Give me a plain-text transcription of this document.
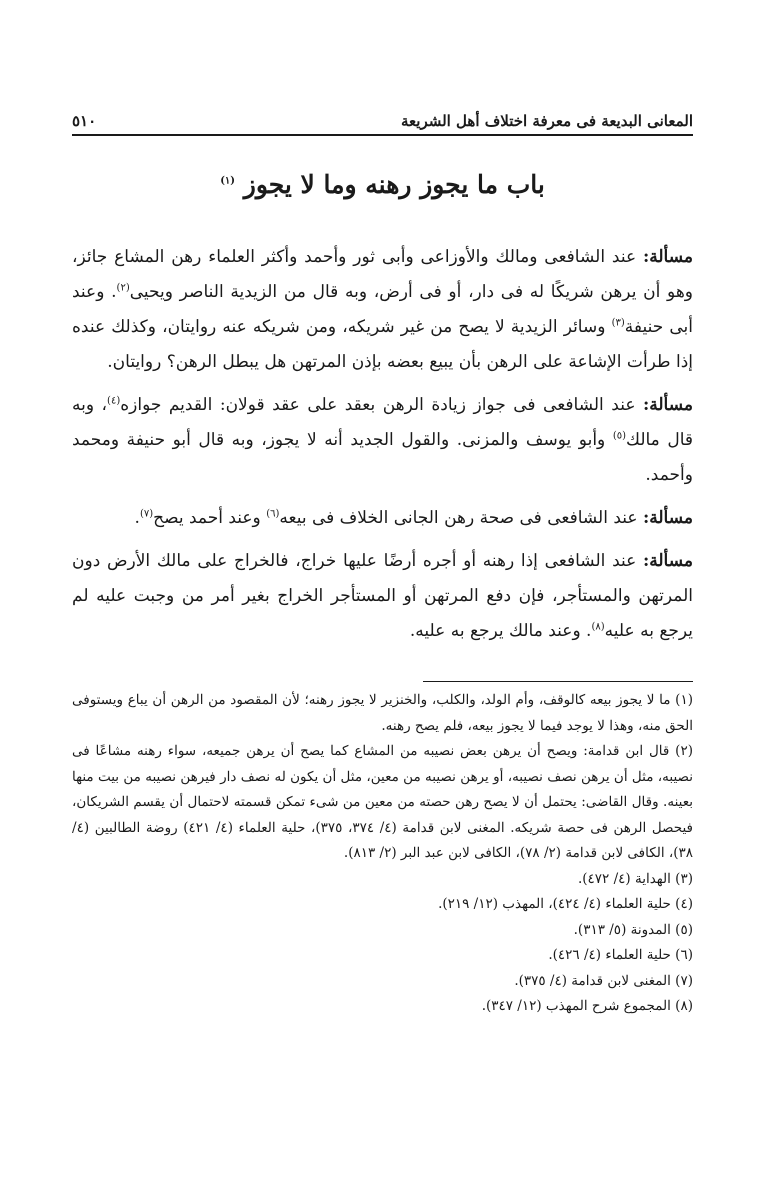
المعانى البديعة فى معرفة اختلاف أهل الشريعة
٥١٠
باب ما يجوز رهنه وما لا يجوز $^{(١)}$

مسألة: عند الشافعى ومالك والأوزاعى وأبى ثور وأحمد وأكثر العلماء رهن المشاع جائز، وهو أن يرهن شريكًا له فى دار، أو فى أرض، وبه قال من الزيدية الناصر ويحيى$^{(٢)}$. وعند أبى حنيفة$^{(٣)}$ وسائر الزيدية لا يصح من غير شريكه، ومن شريكه عنه روايتان، وكذلك عنده إذا طرأت الإشاعة على الرهن بأن يبيع بعضه بإذن المرتهن هل يبطل الرهن؟ روايتان.

مسألة: عند الشافعى فى جواز زيادة الرهن بعقد على عقد قولان: القديم جوازه$^{(٤)}$، وبه قال مالك$^{(٥)}$ وأبو يوسف والمزنى. والقول الجديد أنه لا يجوز، وبه قال أبو حنيفة ومحمد وأحمد.

مسألة: عند الشافعى فى صحة رهن الجانى الخلاف فى بيعه$^{(٦)}$ وعند أحمد يصح$^{(٧)}$.

مسألة: عند الشافعى إذا رهنه أو أجره أرضًا عليها خراج، فالخراج على مالك الأرض دون المرتهن والمستأجر، فإن دفع المرتهن أو المستأجر الخراج بغير أمر من وجبت عليه لم يرجع به عليه$^{(٨)}$. وعند مالك يرجع به عليه.

(١) ما لا يجوز بيعه كالوقف، وأم الولد، والكلب، والخنزير لا يجوز رهنه؛ لأن المقصود من الرهن أن يباع ويستوفى الحق منه، وهذا لا يوجد فيما لا يجوز بيعه، فلم يصح رهنه.

(٢) قال ابن قدامة: ويصح أن يرهن بعض نصيبه من المشاع كما يصح أن يرهن جميعه، سواء رهنه مشاعًا فى نصيبه، مثل أن يرهن نصف نصيبه، أو يرهن نصيبه من معين، مثل أن يكون له نصف دار فيرهن نصيبه من بيت منها بعينه. وقال القاضى: يحتمل أن لا يصح رهن حصته من معين من شىء تمكن قسمته لاحتمال أن يقسم الشريكان، فيحصل الرهن فى حصة شريكه. المغنى لابن قدامة (٤/ ٣٧٤، ٣٧٥)، حلية العلماء (٤/ ٤٢١) روضة الطالبين (٤/ ٣٨)، الكافى لابن قدامة (٢/ ٧٨)، الكافى لابن عبد البر (٢/ ٨١٣).

(٣) الهداية (٤/ ٤٧٢).

(٤) حلية العلماء (٤/ ٤٢٤)، المهذب (١٢/ ٢١٩).

(٥) المدونة (٥/ ٣١٣).

(٦) حلية العلماء (٤/ ٤٢٦).

(٧) المغنى لابن قدامة (٤/ ٣٧٥).

(٨) المجموع شرح المهذب (١٢/ ٣٤٧).
